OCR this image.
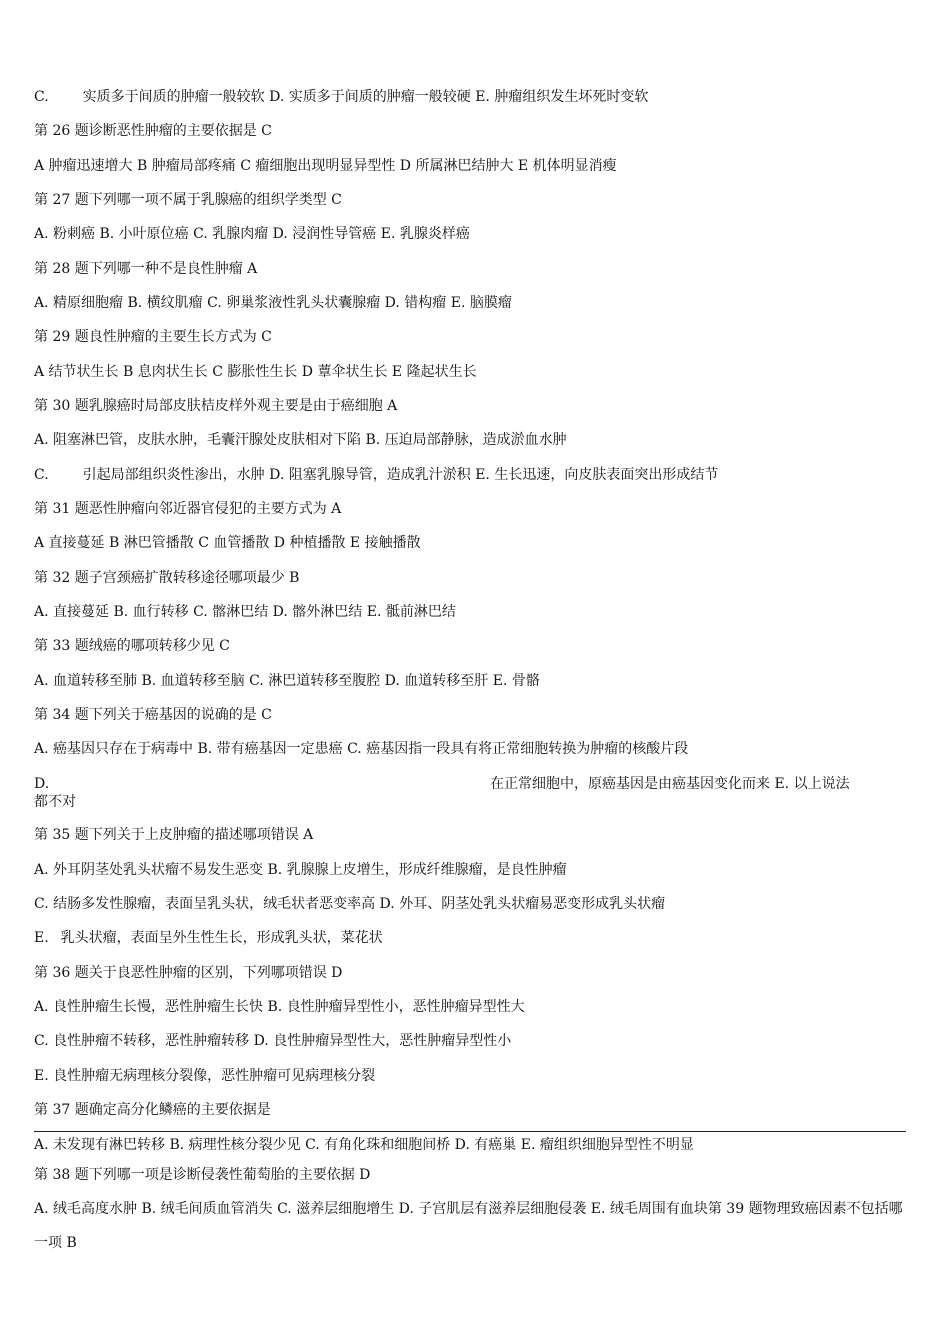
C. 实质多于间质的肿瘤一般较软 D. 实质多于间质的肿瘤一般较硬 E. 肿瘤组织发生坏死时变软
第 26 题诊断恶性肿瘤的主要依据是 C
A 肿瘤迅速增大 B 肿瘤局部疼痛 C 瘤细胞出现明显异型性 D 所属淋巴结肿大 E 机体明显消瘦
第 27 题下列哪一项不属于乳腺癌的组织学类型 C
A. 粉刺癌 B. 小叶原位癌 C. 乳腺肉瘤 D. 浸润性导管癌 E. 乳腺炎样癌
第 28 题下列哪一种不是良性肿瘤 A
A. 精原细胞瘤 B. 横纹肌瘤 C. 卵巢浆液性乳头状囊腺瘤 D. 错构瘤 E. 脑膜瘤
第 29 题良性肿瘤的主要生长方式为 C
A 结节状生长 B 息肉状生长 C 膨胀性生长 D 蕈伞状生长 E 隆起状生长
第 30 题乳腺癌时局部皮肤桔皮样外观主要是由于癌细胞 A
A. 阻塞淋巴管，皮肤水肿，毛囊汗腺处皮肤相对下陷 B. 压迫局部静脉，造成淤血水肿
C. 引起局部组织炎性渗出，水肿 D. 阻塞乳腺导管，造成乳汁淤积 E. 生长迅速，向皮肤表面突出形成结节
第 31 题恶性肿瘤向邻近器官侵犯的主要方式为 A
A 直接蔓延 B 淋巴管播散 C 血管播散 D 种植播散 E 接触播散
第 32 题子宫颈癌扩散转移途径哪项最少 B
A. 直接蔓延 B. 血行转移 C. 髂淋巴结 D. 髂外淋巴结 E. 骶前淋巴结
第 33 题绒癌的哪项转移少见 C
A. 血道转移至肺 B. 血道转移至脑 C. 淋巴道转移至腹腔 D. 血道转移至肝 E. 骨骼
第 34 题下列关于癌基因的说确的是 C
A. 癌基因只存在于病毒中 B. 带有癌基因一定患癌 C. 癌基因指一段具有将正常细胞转换为肿瘤的核酸片段
D.	在正常细胞中，原癌基因是由癌基因变化而来 E. 以上说法
都不对
第 35 题下列关于上皮肿瘤的描述哪项错误 A
A. 外耳阴茎处乳头状瘤不易发生恶变 B. 乳腺腺上皮增生，形成纤维腺瘤，是良性肿瘤
C. 结肠多发性腺瘤，表面呈乳头状，绒毛状者恶变率高 D. 外耳、阴茎处乳头状瘤易恶变形成乳头状瘤
E. 乳头状瘤，表面呈外生性生长，形成乳头状，菜花状
第 36 题关于良恶性肿瘤的区别，下列哪项错误 D
A. 良性肿瘤生长慢，恶性肿瘤生长快 B. 良性肿瘤异型性小，恶性肿瘤异型性大
C. 良性肿瘤不转移，恶性肿瘤转移 D. 良性肿瘤异型性大，恶性肿瘤异型性小
E. 良性肿瘤无病理核分裂像，恶性肿瘤可见病理核分裂
第 37 题确定高分化鳞癌的主要依据是
A. 未发现有淋巴转移 B. 病理性核分裂少见 C. 有角化珠和细胞间桥 D. 有癌巢 E. 瘤组织细胞异型性不明显
第 38 题下列哪一项是诊断侵袭性葡萄胎的主要依据 D
A. 绒毛高度水肿 B. 绒毛间质血管消失 C. 滋养层细胞增生 D. 子宫肌层有滋养层细胞侵袭 E. 绒毛周围有血块第 39 题物理致癌因素不包括哪一项 B
